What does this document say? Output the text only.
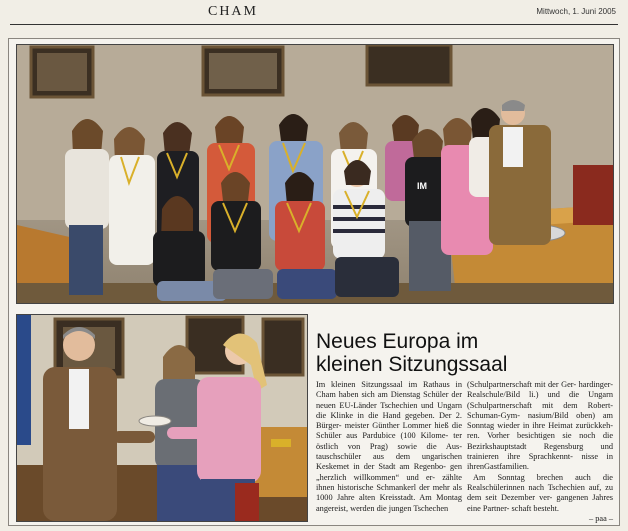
CHAM	Mittwoch, 1. Juni 2005
IM
Neues Europa im
kleinen Sitzungssaal

Im kleinen Sitzungssaal im Rathaus in Cham haben sich am Dienstag Schüler der neuen EU-Länder Tschechien und Ungarn die Klinke in die Hand gegeben. Der 2. Bürger- meister Günther Lommer hieß die Schüler aus Pardubice (100 Kilome- ter östlich von Prag) sowie die Aus- tauschschüler aus dem ungarischen Keskemet in der Stadt am Regenbo- gen „herzlich willkommen“ und er- zählte ihnen historische Schmankerl der mehr als 1000 Jahre alten Kreisstadt. Am Montag angereist, werden die jungen Tschechen

(Schulpartnerschaft mit der Ger- hardinger-Realschule/Bild li.) und die Ungarn (Schulpartnerschaft mit dem Robert-Schuman-Gym- nasium/Bild oben) am Sonntag wieder in ihre Heimat zurückkeh- ren. Vorher besichtigen sie noch die Bezirkshauptstadt Regensburg und trainieren ihre Sprachkennt- nisse in ihrenGastfamilien.

Am Sonntag brechen auch die Realschülerinnen nach Tschechien auf, zu dem seit Dezember ver- gangenen Jahres eine Partner- schaft besteht.

– paa –
